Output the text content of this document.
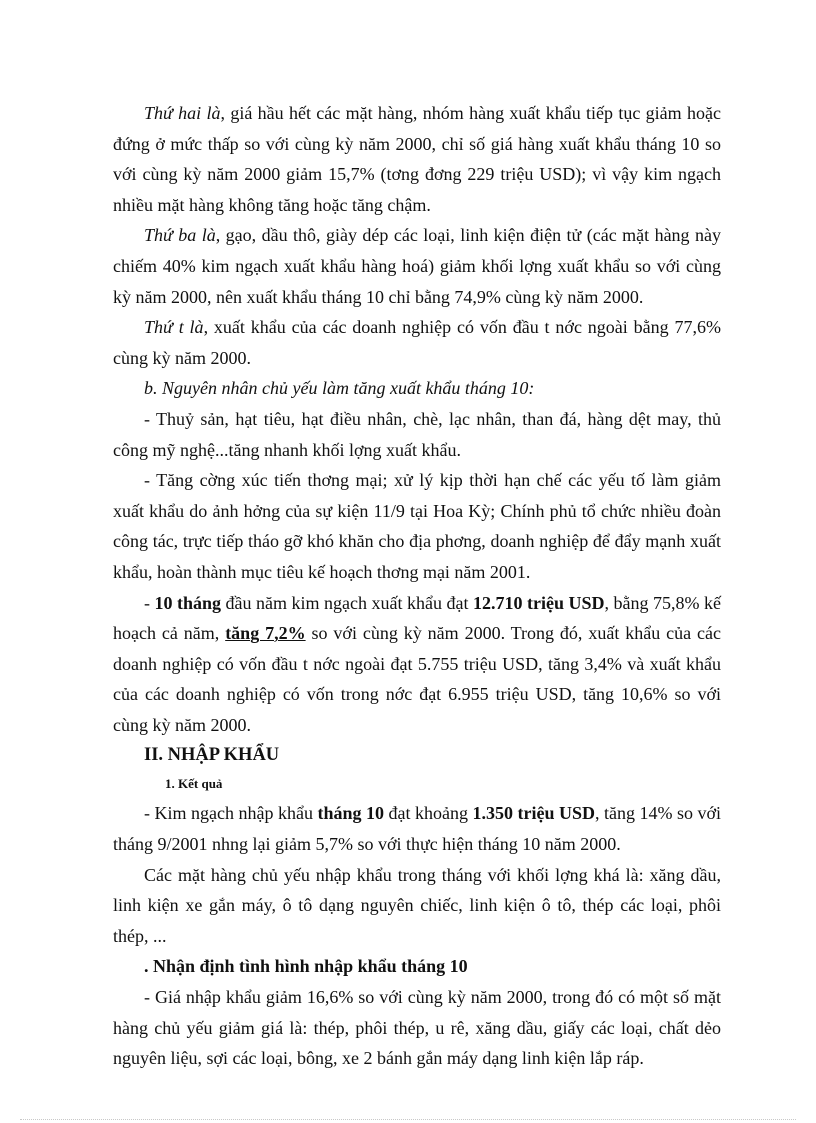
Thứ hai là, giá hầu hết các mặt hàng, nhóm hàng xuất khẩu tiếp tục giảm hoặc đứng ở mức thấp so với cùng kỳ năm 2000, chỉ số giá hàng xuất khẩu tháng 10 so với cùng kỳ năm 2000 giảm 15,7% (tơng đơng 229 triệu USD); vì vậy kim ngạch nhiều mặt hàng không tăng hoặc tăng chậm.

Thứ ba là, gạo, dầu thô, giày dép các loại, linh kiện điện tử (các mặt hàng này chiếm 40% kim ngạch xuất khẩu hàng hoá) giảm khối lợng xuất khẩu so với cùng kỳ năm 2000, nên xuất khẩu tháng 10 chỉ bằng 74,9% cùng kỳ năm 2000.

Thứ t là, xuất khẩu của các doanh nghiệp có vốn đầu t nớc ngoài bằng 77,6% cùng kỳ năm 2000.

b. Nguyên nhân chủ yếu làm tăng xuất khẩu tháng 10:

- Thuỷ sản, hạt tiêu, hạt điều nhân, chè, lạc nhân, than đá, hàng dệt may, thủ công mỹ nghệ...tăng nhanh khối lợng xuất khẩu.

- Tăng cờng xúc tiến thơng mại; xử lý kịp thời hạn chế các yếu tố làm giảm xuất khẩu do ảnh hởng của sự kiện 11/9 tại Hoa Kỳ; Chính phủ tổ chức nhiều đoàn công tác, trực tiếp tháo gỡ khó khăn cho địa phơng, doanh nghiệp để đẩy mạnh xuất khẩu, hoàn thành mục tiêu kế hoạch thơng mại năm 2001.

- 10 tháng đầu năm kim ngạch xuất khẩu đạt 12.710 triệu USD, bằng 75,8% kế hoạch cả năm, tăng 7,2% so với cùng kỳ năm 2000. Trong đó, xuất khẩu của các doanh nghiệp có vốn đầu t nớc ngoài đạt 5.755 triệu USD, tăng 3,4% và xuất khẩu của các doanh nghiệp có vốn trong nớc đạt 6.955 triệu USD, tăng 10,6% so với cùng kỳ năm 2000.

II. NHẬP KHẨU

1. Kết quả

- Kim ngạch nhập khẩu tháng 10 đạt khoảng 1.350 triệu USD, tăng 14% so với tháng 9/2001 nhng lại giảm 5,7% so với thực hiện tháng 10 năm 2000.

Các mặt hàng chủ yếu nhập khẩu trong tháng với khối lợng khá là: xăng dầu, linh kiện xe gắn máy, ô tô dạng nguyên chiếc, linh kiện ô tô, thép các loại, phôi thép, ...

. Nhận định tình hình nhập khẩu tháng 10

- Giá nhập khẩu giảm 16,6% so với cùng kỳ năm 2000, trong đó có một số mặt hàng chủ yếu giảm giá là: thép, phôi thép, u rê, xăng dầu, giấy các loại, chất dẻo nguyên liệu, sợi các loại, bông, xe 2 bánh gắn máy dạng linh kiện lắp ráp.
